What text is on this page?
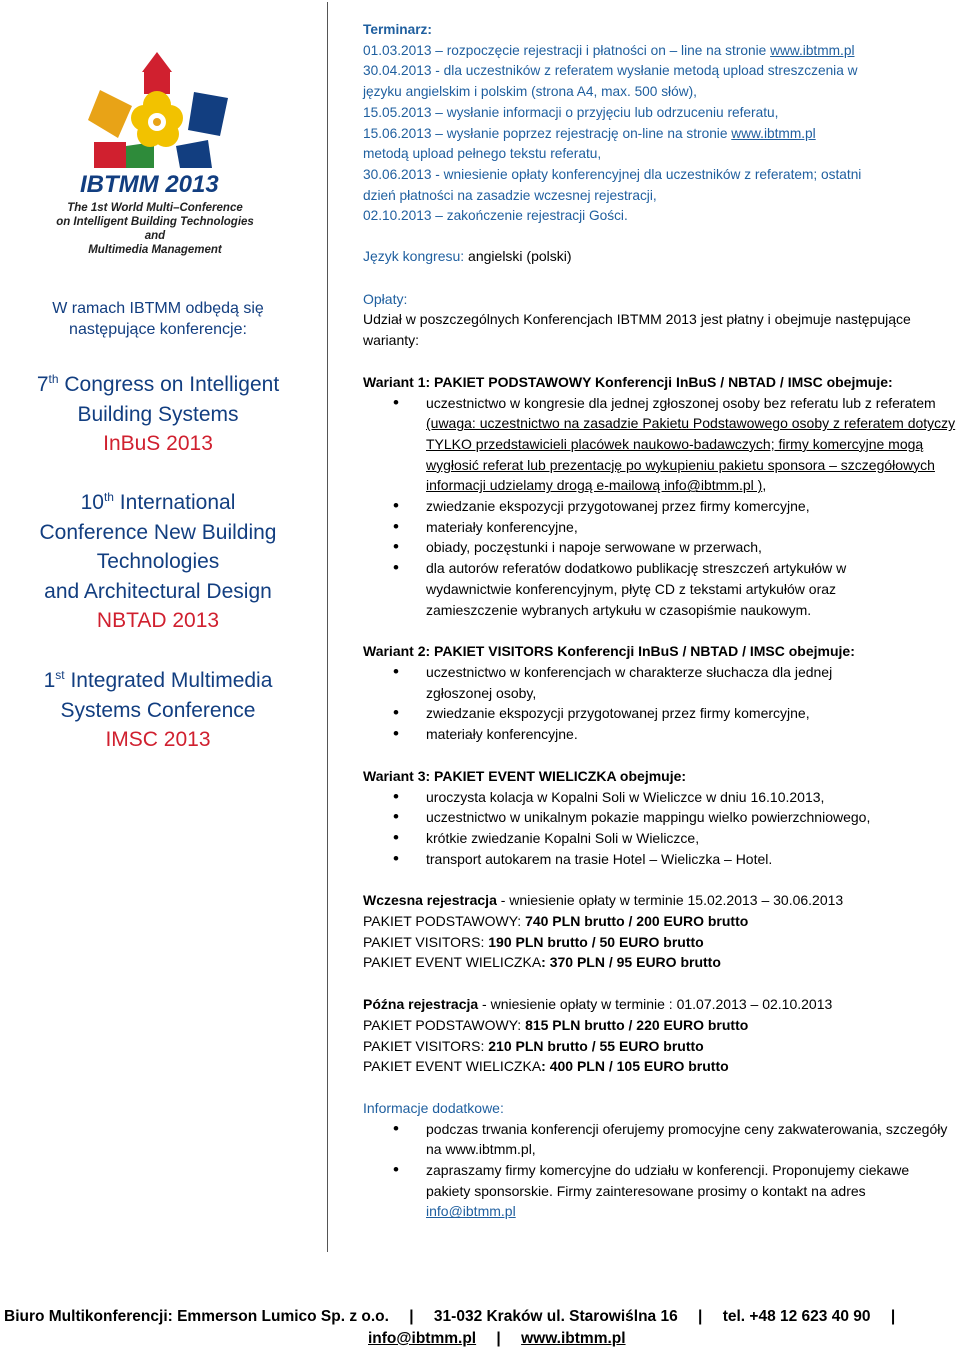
IBTMM 2013
The 1st World Multi–Conference
on Intelligent Building Technologies
and
Multimedia Management
W ramach IBTMM odbędą się następujące konferencje:
7th Congress on Intelligent
Building Systems
InBuS 2013
10th International
Conference New Building
Technologies
and Architectural Design
NBTAD 2013
1st Integrated Multimedia
Systems Conference
IMSC 2013

Terminarz:

01.03.2013 – rozpoczęcie rejestracji i płatności on – line na stronie www.ibtmm.pl

30.04.2013 - dla uczestników z referatem wysłanie metodą upload streszczenia w

języku angielskim i polskim (strona A4, max. 500 słów),

15.05.2013 – wysłanie informacji o przyjęciu lub odrzuceniu referatu,

15.06.2013 – wysłanie poprzez rejestrację on-line na stronie www.ibtmm.pl

metodą upload pełnego tekstu referatu,

30.06.2013 - wniesienie opłaty konferencyjnej dla uczestników z referatem; ostatni

dzień płatności na zasadzie wczesnej rejestracji,

02.10.2013 – zakończenie rejestracji Gości.

Język kongresu: angielski (polski)

Opłaty:

Udział w poszczególnych Konferencjach IBTMM 2013 jest płatny i obejmuje następujące warianty:

Wariant 1: PAKIET PODSTAWOWY Konferencji InBuS / NBTAD / IMSC obejmuje:

• uczestnictwo w kongresie dla jednej zgłoszonej osoby bez referatu lub z referatem (uwaga: uczestnictwo na zasadzie Pakietu Podstawowego osoby z referatem dotyczy TYLKO przedstawicieli placówek naukowo-badawczych; firmy komercyjne mogą wygłosić referat lub prezentację po wykupieniu pakietu sponsora – szczegółowych informacji udzielamy drogą e-mailową info@ibtmm.pl ),
• zwiedzanie ekspozycji przygotowanej przez firmy komercyjne,
• materiały konferencyjne,
• obiady, poczęstunki i napoje serwowane w przerwach,
• dla autorów referatów dodatkowo publikację streszczeń artykułów w wydawnictwie konferencyjnym, płytę CD z tekstami artykułów oraz zamieszczenie wybranych artykułu w czasopiśmie naukowym.

Wariant 2: PAKIET VISITORS Konferencji InBuS / NBTAD / IMSC obejmuje:

• uczestnictwo w konferencjach w charakterze słuchacza dla jednej zgłoszonej osoby,
• zwiedzanie ekspozycji przygotowanej przez firmy komercyjne,
• materiały konferencyjne.

Wariant 3: PAKIET EVENT WIELICZKA obejmuje:

• uroczysta kolacja w Kopalni Soli w Wieliczce w dniu 16.10.2013,
• uczestnictwo w unikalnym pokazie mappingu wielko powierzchniowego,
• krótkie zwiedzanie Kopalni Soli w Wieliczce,
• transport autokarem na trasie Hotel – Wieliczka – Hotel.

Wczesna rejestracja - wniesienie opłaty w terminie 15.02.2013 – 30.06.2013

PAKIET PODSTAWOWY: 740 PLN brutto / 200 EURO brutto

PAKIET VISITORS: 190 PLN brutto / 50 EURO brutto

PAKIET EVENT WIELICZKA: 370 PLN / 95 EURO brutto

Późna rejestracja - wniesienie opłaty w terminie : 01.07.2013 – 02.10.2013

PAKIET PODSTAWOWY: 815 PLN brutto / 220 EURO brutto

PAKIET VISITORS: 210 PLN brutto / 55 EURO brutto

PAKIET EVENT WIELICZKA: 400 PLN / 105 EURO brutto

Informacje dodatkowe:

• podczas trwania konferencji oferujemy promocyjne ceny zakwaterowania, szczegóły na www.ibtmm.pl,
• zapraszamy firmy komercyjne do udziału w konferencji. Proponujemy ciekawe pakiety sponsorskie. Firmy zainteresowane prosimy o kontakt na adres info@ibtmm.pl
Biuro Multikonferencji: Emmerson Lumico Sp. z o.o. | 31-032 Kraków ul. Starowiślna 16 | tel. +48 12 623 40 90 |
info@ibtmm.pl | www.ibtmm.pl
